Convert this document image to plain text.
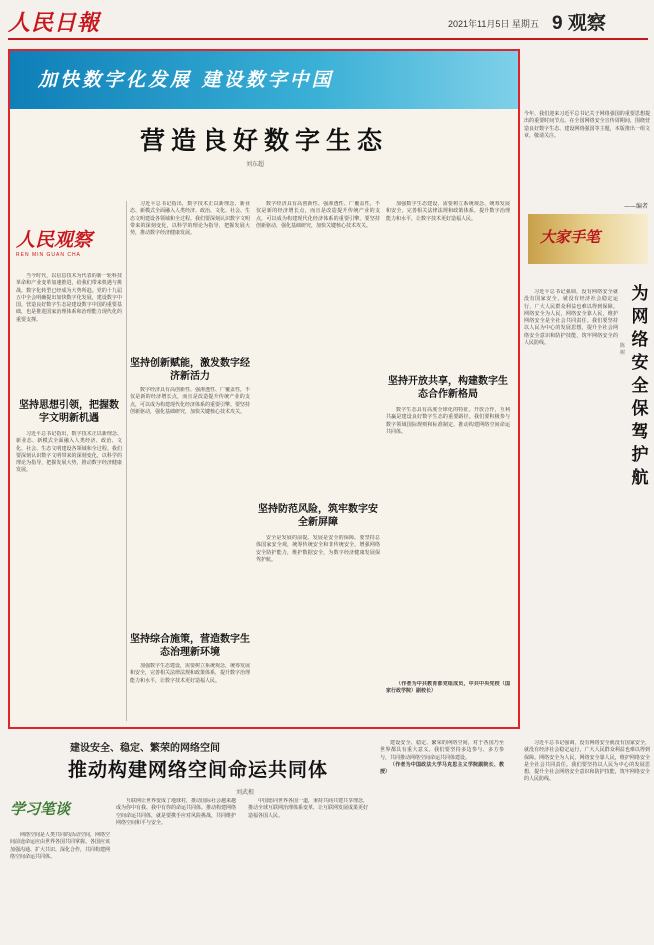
人民日報	2021年11月5日 星期五 9 观察
加快数字化发展 建设数字中国
营造良好数字生态
刘东超
人民观察
REN MIN GUAN CHA

当今时代，以信息技术为代表的新一轮科技革命和产业变革加速推进，给我们带来机遇与挑战。数字化转型已经成为大势所趋。党的十九届五中全会明确提出加快数字化发展，建设数字中国。营造良好数字生态是建设数字中国的重要基础，也是推进国家治理体系和治理能力现代化的重要支撑。

坚持思想引领，把握数字文明新机遇

习近平总书记指出，数字技术正以新理念、新业态、新模式全面融入人类经济、政治、文化、社会、生态文明建设各领域和全过程。我们要深刻认识数字文明带来的深刻变化，以科学的理论为指导，把握发展大势，推动数字经济健康发展。

习近平总书记指出，数字技术正以新理念、新业态、新模式全面融入人类经济、政治、文化、社会、生态文明建设各领域和全过程。我们要深刻认识数字文明带来的深刻变化，以科学的理论为指导，把握发展大势，推动数字经济健康发展。

坚持创新赋能，激发数字经济新活力

数字经济具有高创新性、强渗透性、广覆盖性，不仅是新的经济增长点，而且是改造提升传统产业的支点，可以成为构建现代化经济体系的重要引擎。要坚持创新驱动，强化基础研究，加快关键核心技术攻关。

坚持综合施策，营造数字生态治理新环境

加强数字生态建设，需要树立系统观念，统筹发展和安全，完善相关法律法规和政策体系，提升数字治理能力和水平，让数字技术更好造福人民。

数字经济具有高创新性、强渗透性、广覆盖性，不仅是新的经济增长点，而且是改造提升传统产业的支点，可以成为构建现代化经济体系的重要引擎。要坚持创新驱动，强化基础研究，加快关键核心技术攻关。

坚持防范风险，筑牢数字安全新屏障

安全是发展的前提。发展是安全的保障。要坚持总体国家安全观，统筹传统安全和非传统安全，增强网络安全防护能力，维护数据安全，为数字经济健康发展保驾护航。

加强数字生态建设，需要树立系统观念，统筹发展和安全，完善相关法律法规和政策体系，提升数字治理能力和水平，让数字技术更好造福人民。

坚持开放共享，构建数字生态合作新格局

数字生态具有高度全球化的特征。开放合作，互利共赢是建设良好数字生态的重要路径。我们要积极参与数字领域国际规则和标准制定，推动构建网络空间命运共同体。

（作者为中共教育部党组成员，中共中央党校（国家行政学院）副校长）

今年，我们迎来习近平总书记关于网络强国的重要思想提出的重要时间节点。在全国网络安全宣传周期间，围绕营造良好数字生态、建设网络强国等主题，本版推出一组文章，敬请关注。
——编者
大家手笔
为网络安全保驾护航
陈 树

习近平总书记强调，没有网络安全就没有国家安全，就没有经济社会稳定运行，广大人民群众利益也难以得到保障。网络安全为人民，网络安全靠人民，维护网络安全是全社会共同责任。我们要坚持以人民为中心的发展思想，提升全社会网络安全意识和防护技能，筑牢网络安全的人民防线。

建设安全、稳定、繁荣的网络空间
推动构建网络空间命运共同体
刘武根
学习笔谈

网络空间是人类共同的活动空间，网络空间前途命运应由世界各国共同掌握。各国应该加强沟通、扩大共识、深化合作，共同构建网络空间命运共同体。

互联网让世界变成了地球村，推动国际社会越来越成为你中有我、我中有你的命运共同体。推动构建网络空间命运共同体，就是要携手应对风险挑战，共同维护网络空间和平与安全。

中国愿同世界各国一道，秉持共商共建共享理念，推动全球互联网治理体系变革，让互联网发展成果更好造福各国人民。

建设安全、稳定、繁荣的网络空间，对于各国乃至世界都具有重大意义。我们要坚持多边参与、多方参与，共同推动网络空间命运共同体建设。

（作者为中国政法大学马克思主义学院副院长、教授）

习近平总书记强调，没有网络安全就没有国家安全，就没有经济社会稳定运行，广大人民群众利益也难以得到保障。网络安全为人民，网络安全靠人民，维护网络安全是全社会共同责任。我们要坚持以人民为中心的发展思想，提升全社会网络安全意识和防护技能，筑牢网络安全的人民防线。
